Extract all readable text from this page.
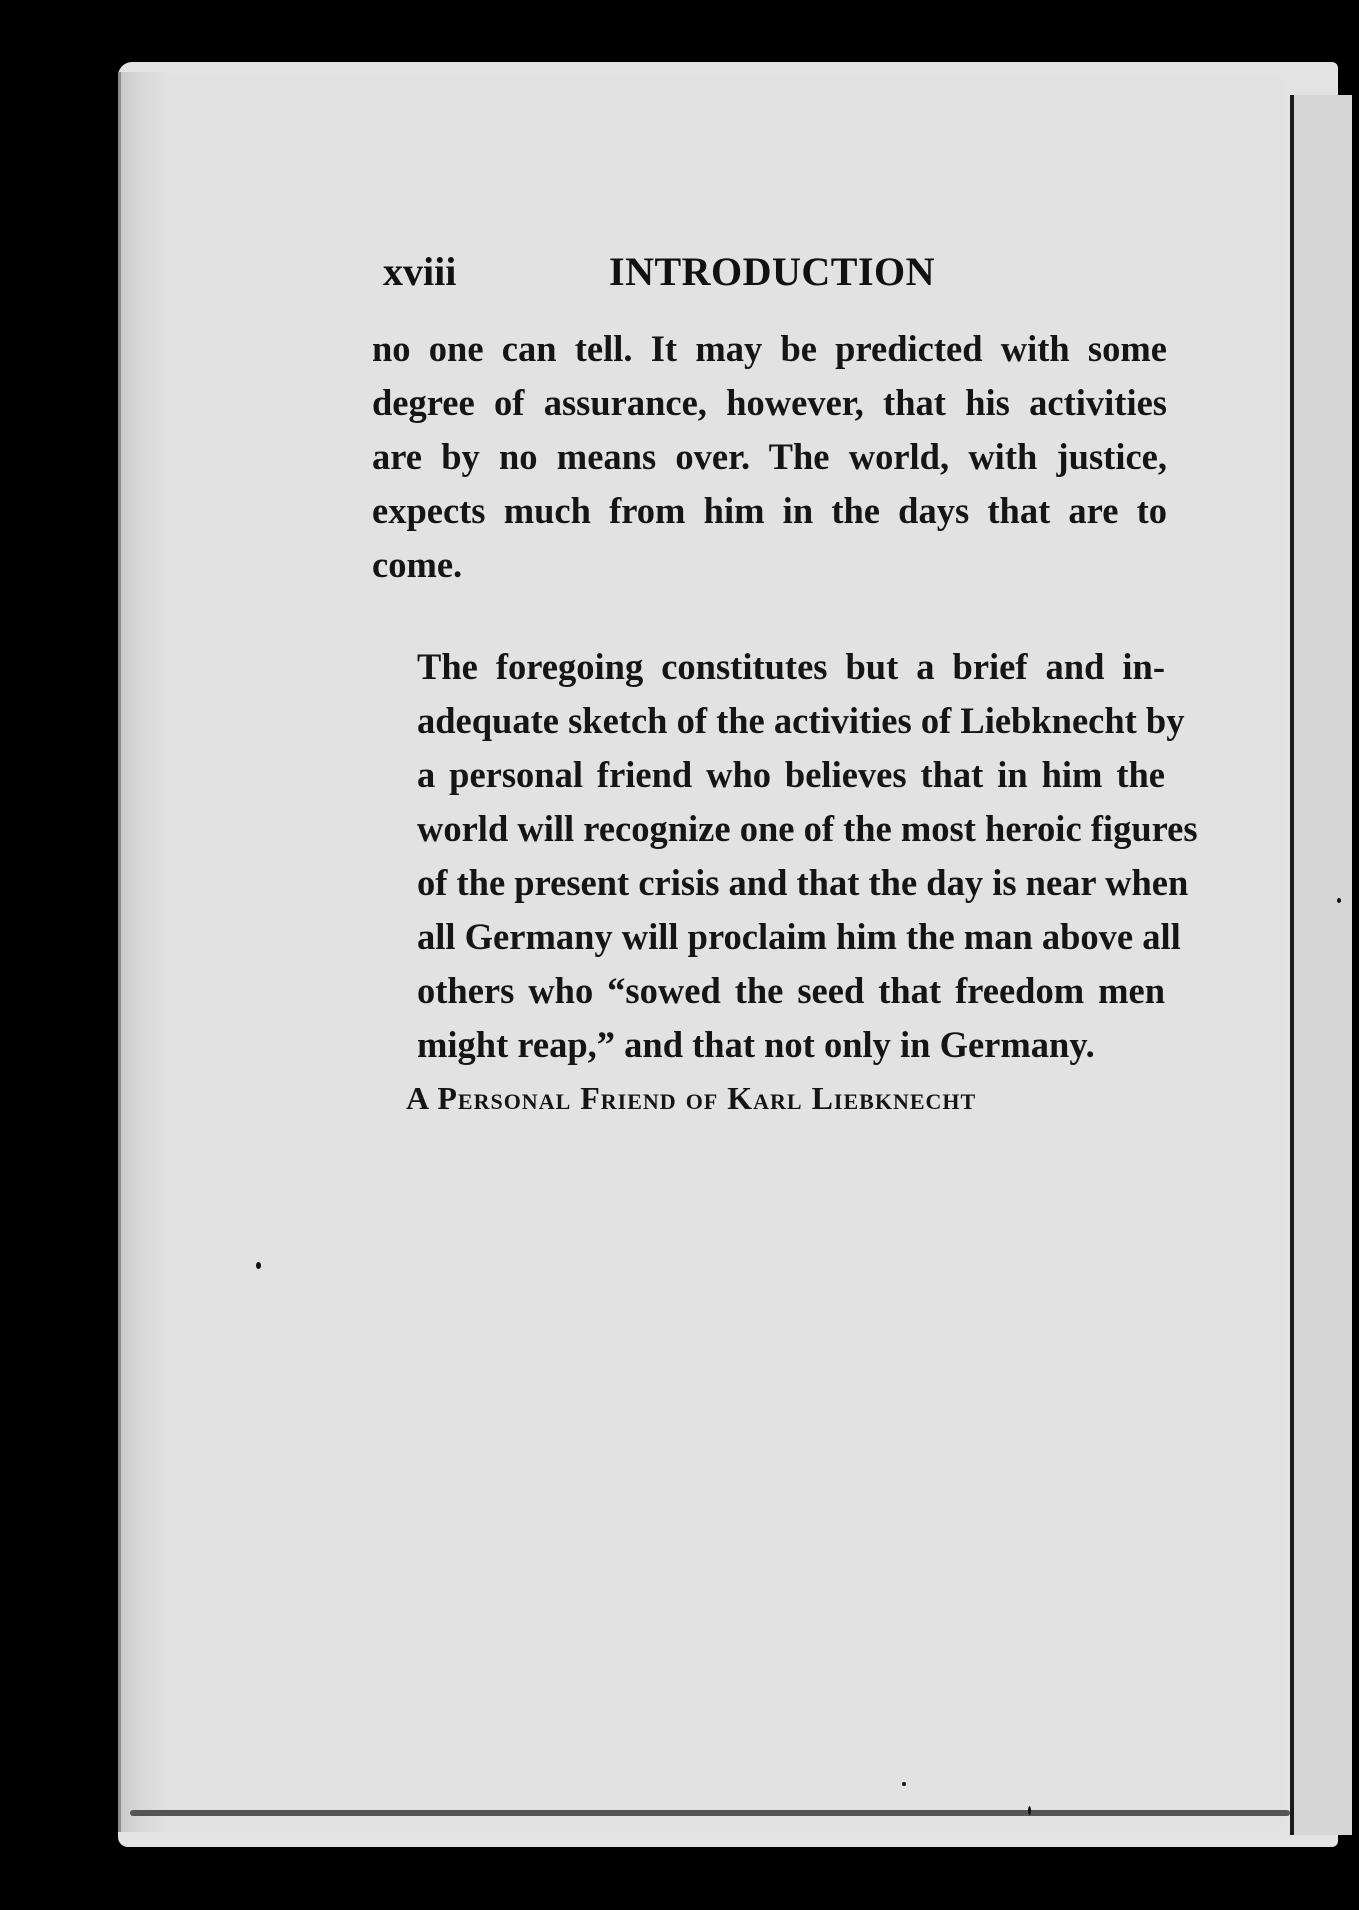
xviii	INTRODUCTION

no one can tell. It may be predicted with some
degree of assurance, however, that his activities
are by no means over. The world, with justice,
expects much from him in the days that are to
come.

The foregoing constitutes but a brief and in-
adequate sketch of the activities of Liebknecht by
a personal friend who believes that in him the
world will recognize one of the most heroic figures
of the present crisis and that the day is near when
all Germany will proclaim him the man above all
others who “sowed the seed that freedom men
might reap,” and that not only in Germany.

A Personal Friend of Karl Liebknecht
